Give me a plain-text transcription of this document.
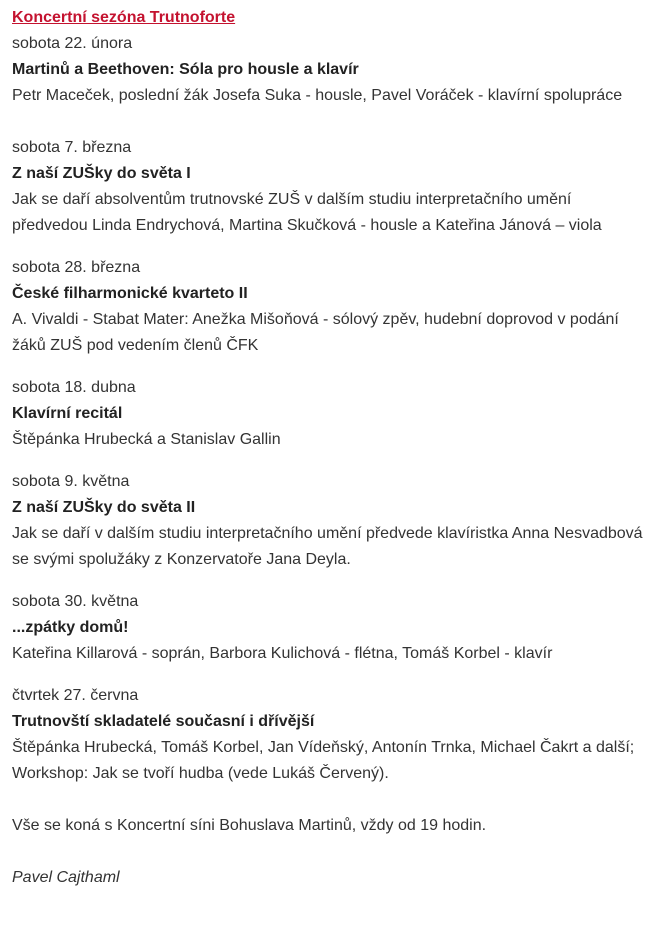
Koncertní sezóna Trutnoforte
sobota 22. února
Martinů a Beethoven: Sóla pro housle a klavír
Petr Maceček, poslední žák Josefa Suka - housle, Pavel Voráček - klavírní spolupráce
sobota 7. března
Z naší ZUŠky do světa I
Jak se daří absolventům trutnovské ZUŠ v dalším studiu interpretačního umění předvedou Linda Endrychová, Martina Skučková - housle a Kateřina Jánová – viola
sobota 28. března
České filharmonické kvarteto II
A. Vivaldi - Stabat Mater: Anežka Mišoňová - sólový zpěv, hudební doprovod v podání žáků ZUŠ pod vedením členů ČFK
sobota 18. dubna
Klavírní recitál
Štěpánka Hrubecká a Stanislav Gallin
sobota 9. května
Z naší ZUŠky do světa II
Jak se daří v dalším studiu interpretačního umění předvede klavíristka Anna Nesvadbová se svými spolužáky z Konzervatoře Jana Deyla.
sobota 30. května
...zpátky domů!
Kateřina Killarová - soprán, Barbora Kulichová - flétna, Tomáš Korbel - klavír
čtvrtek 27. června
Trutnovští skladatelé současní i dřívější
Štěpánka Hrubecká, Tomáš Korbel, Jan Vídeňský, Antonín Trnka, Michael Čakrt a další; Workshop: Jak se tvoří hudba (vede Lukáš Červený).
Vše se koná s Koncertní síni Bohuslava Martinů, vždy od 19 hodin.
Pavel Cajthaml
